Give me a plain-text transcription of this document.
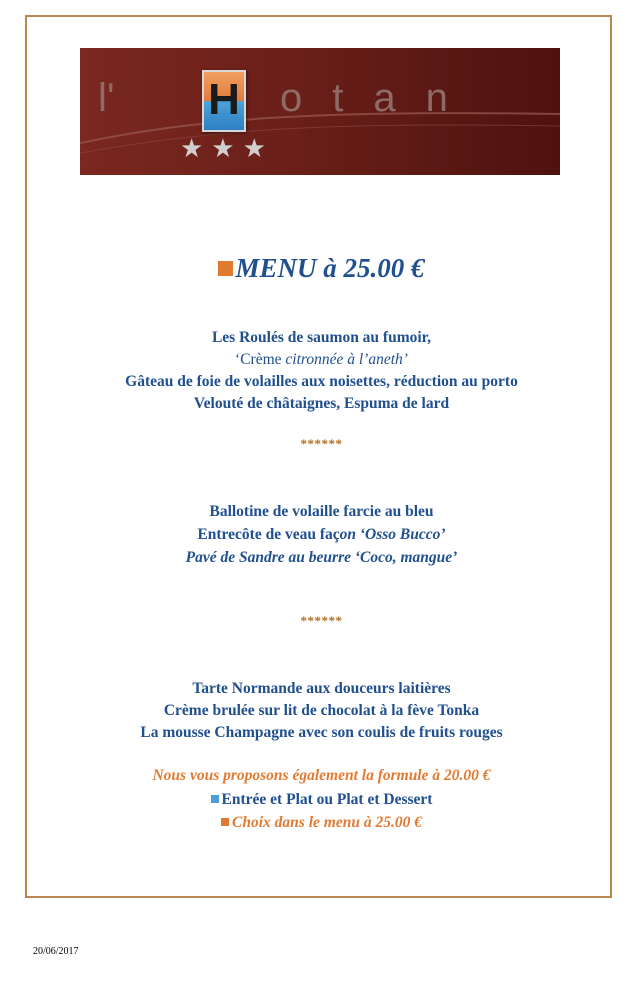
l' H otan
★★★
MENU à 25.00 €
Les Roulés de saumon au fumoir,
‘Crème citronnée à l’aneth’
Gâteau de foie de volailles aux noisettes, réduction au porto
Velouté de châtaignes, Espuma de lard
******
Ballotine de volaille farcie au bleu
Entrecôte de veau façon ‘Osso Bucco’
Pavé de Sandre au beurre ‘Coco, mangue’
******
Tarte Normande aux douceurs laitières
Crème brulée sur lit de chocolat à la fève Tonka
La mousse Champagne avec son coulis de fruits rouges
Nous vous proposons également la formule à 20.00 €
Entrée et Plat ou Plat et Dessert
Choix dans le menu à 25.00 €
20/06/2017
